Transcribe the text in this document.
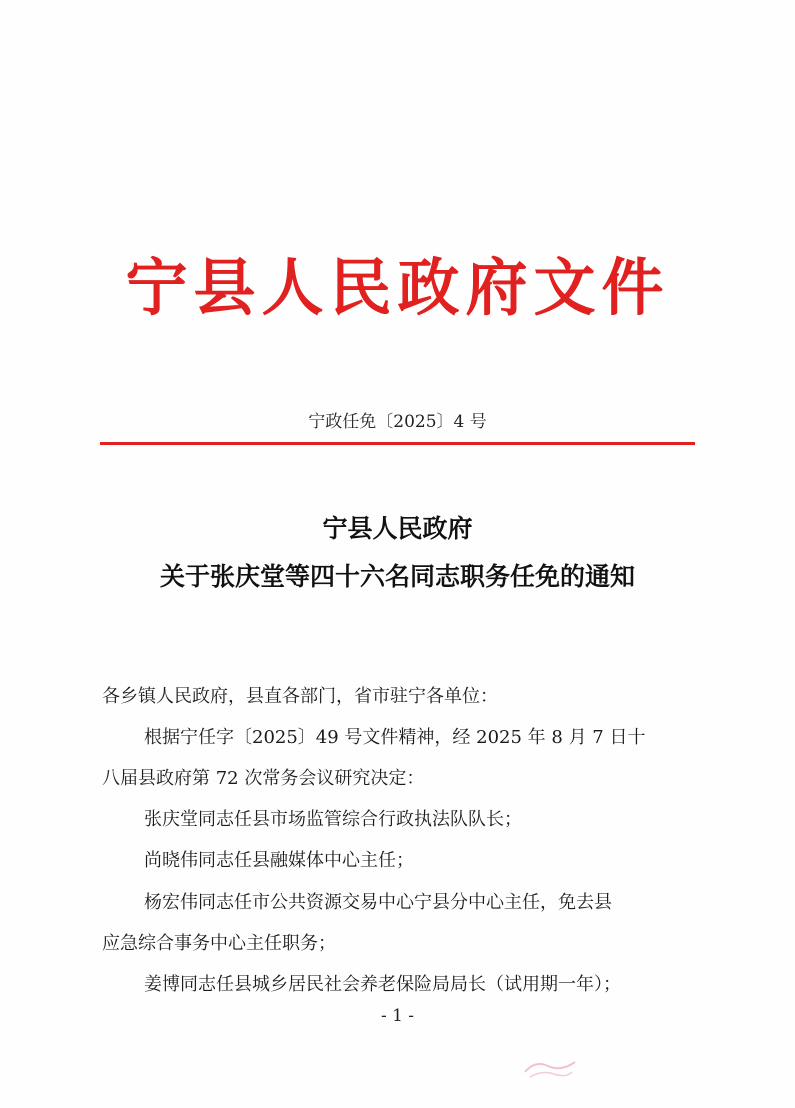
宁县人民政府文件
宁政任免〔2025〕4 号
宁县人民政府
关于张庆堂等四十六名同志职务任免的通知
各乡镇人民政府，县直各部门，省市驻宁各单位：
根据宁任字〔2025〕49 号文件精神，经 2025 年 8 月 7 日十
八届县政府第 72 次常务会议研究决定：
张庆堂同志任县市场监管综合行政执法队队长；
尚晓伟同志任县融媒体中心主任；
杨宏伟同志任市公共资源交易中心宁县分中心主任，免去县
应急综合事务中心主任职务；
姜博同志任县城乡居民社会养老保险局局长（试用期一年）；
- 1 -
